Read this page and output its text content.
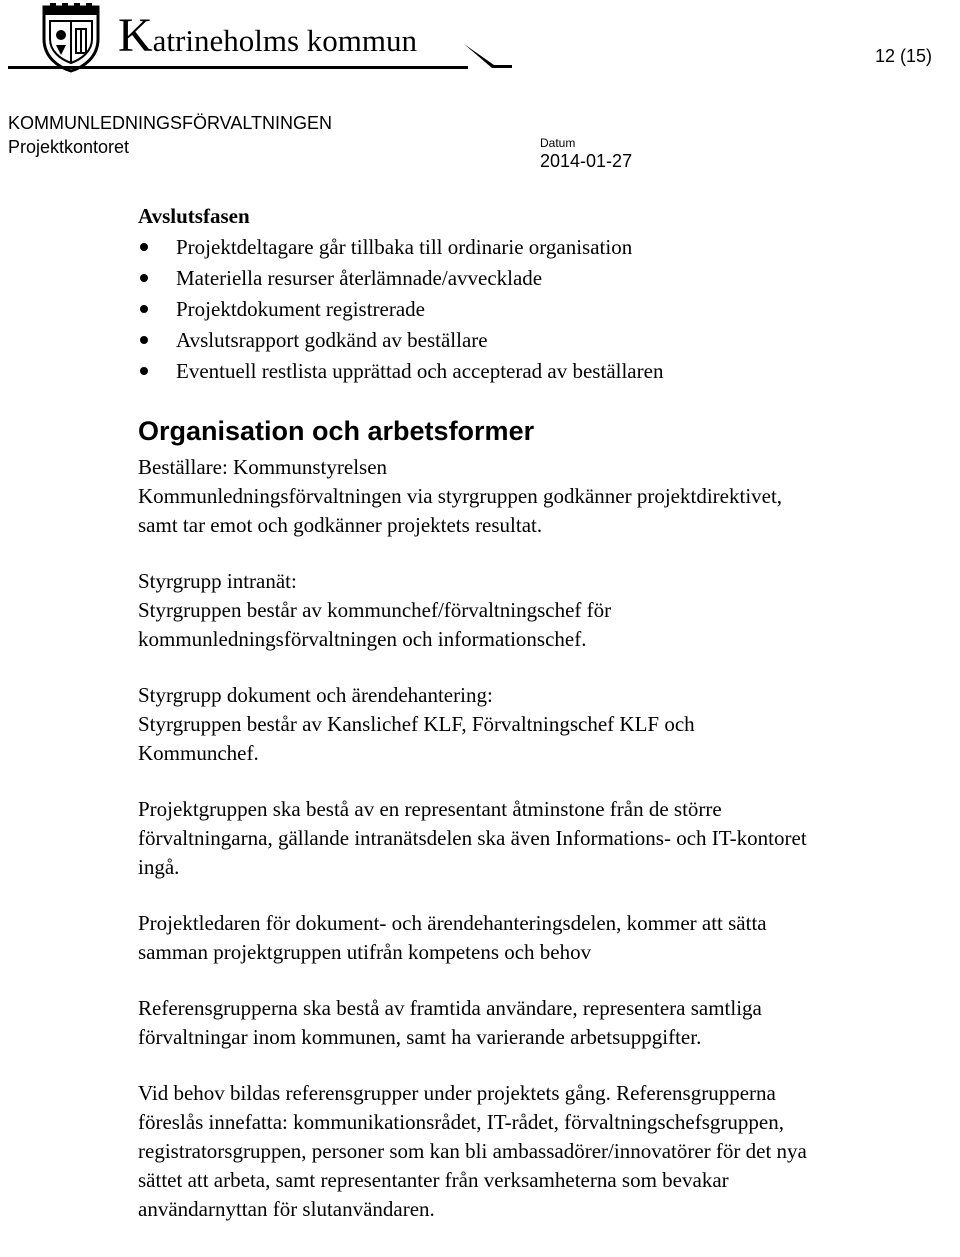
Katrineholms kommun	12 (15)
KOMMUNLEDNINGSFÖRVALTNINGEN
Projektkontoret	Datum
2014-01-27
Avslutsfasen
Projektdeltagare går tillbaka till ordinarie organisation
Materiella resurser återlämnade/avvecklade
Projektdokument registrerade
Avslutsrapport godkänd av beställare
Eventuell restlista upprättad och accepterad av beställaren
Organisation och arbetsformer

Beställare: Kommunstyrelsen
Kommunledningsförvaltningen via styrgruppen godkänner projektdirektivet,
samt tar emot och godkänner projektets resultat.

Styrgrupp intranät:
Styrgruppen består av kommunchef/förvaltningschef för
kommunledningsförvaltningen och informationschef.

Styrgrupp dokument och ärendehantering:
Styrgruppen består av Kanslichef KLF, Förvaltningschef KLF och
Kommunchef.

Projektgruppen ska bestå av en representant åtminstone från de större
förvaltningarna, gällande intranätsdelen ska även Informations- och IT-kontoret
ingå.

Projektledaren för dokument- och ärendehanteringsdelen, kommer att sätta
samman projektgruppen utifrån kompetens och behov

Referensgrupperna ska bestå av framtida användare, representera samtliga
förvaltningar inom kommunen, samt ha varierande arbetsuppgifter.

Vid behov bildas referensgrupper under projektets gång. Referensgrupperna
föreslås innefatta: kommunikationsrådet, IT-rådet, förvaltningschefsgruppen,
registratorsgruppen, personer som kan bli ambassadörer/innovatörer för det nya
sättet att arbeta, samt representanter från verksamheterna som bevakar
användarnyttan för slutanvändaren.
